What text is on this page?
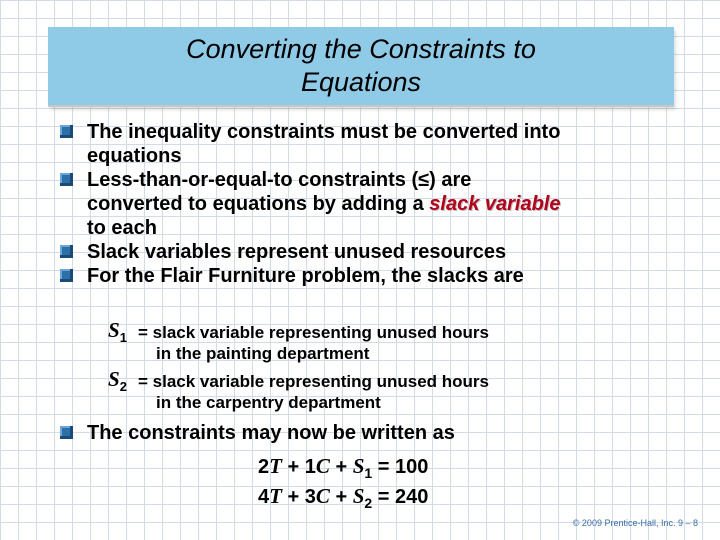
Converting the Constraints to
Equations
The inequality constraints must be converted into
equations
Less-than-or-equal-to constraints (≤) are
converted to equations by adding a slack variable
to each
Slack variables represent unused resources
For the Flair Furniture problem, the slacks are
$S_1$ = slack variable representing unused hours
in the painting department
$S_2$ = slack variable representing unused hours
in the carpentry department
The constraints may now be written as
$2T + 1C + S_1 = 100$
$4T + 3C + S_2 = 240$
© 2009 Prentice-Hall, Inc. 9 – 8
